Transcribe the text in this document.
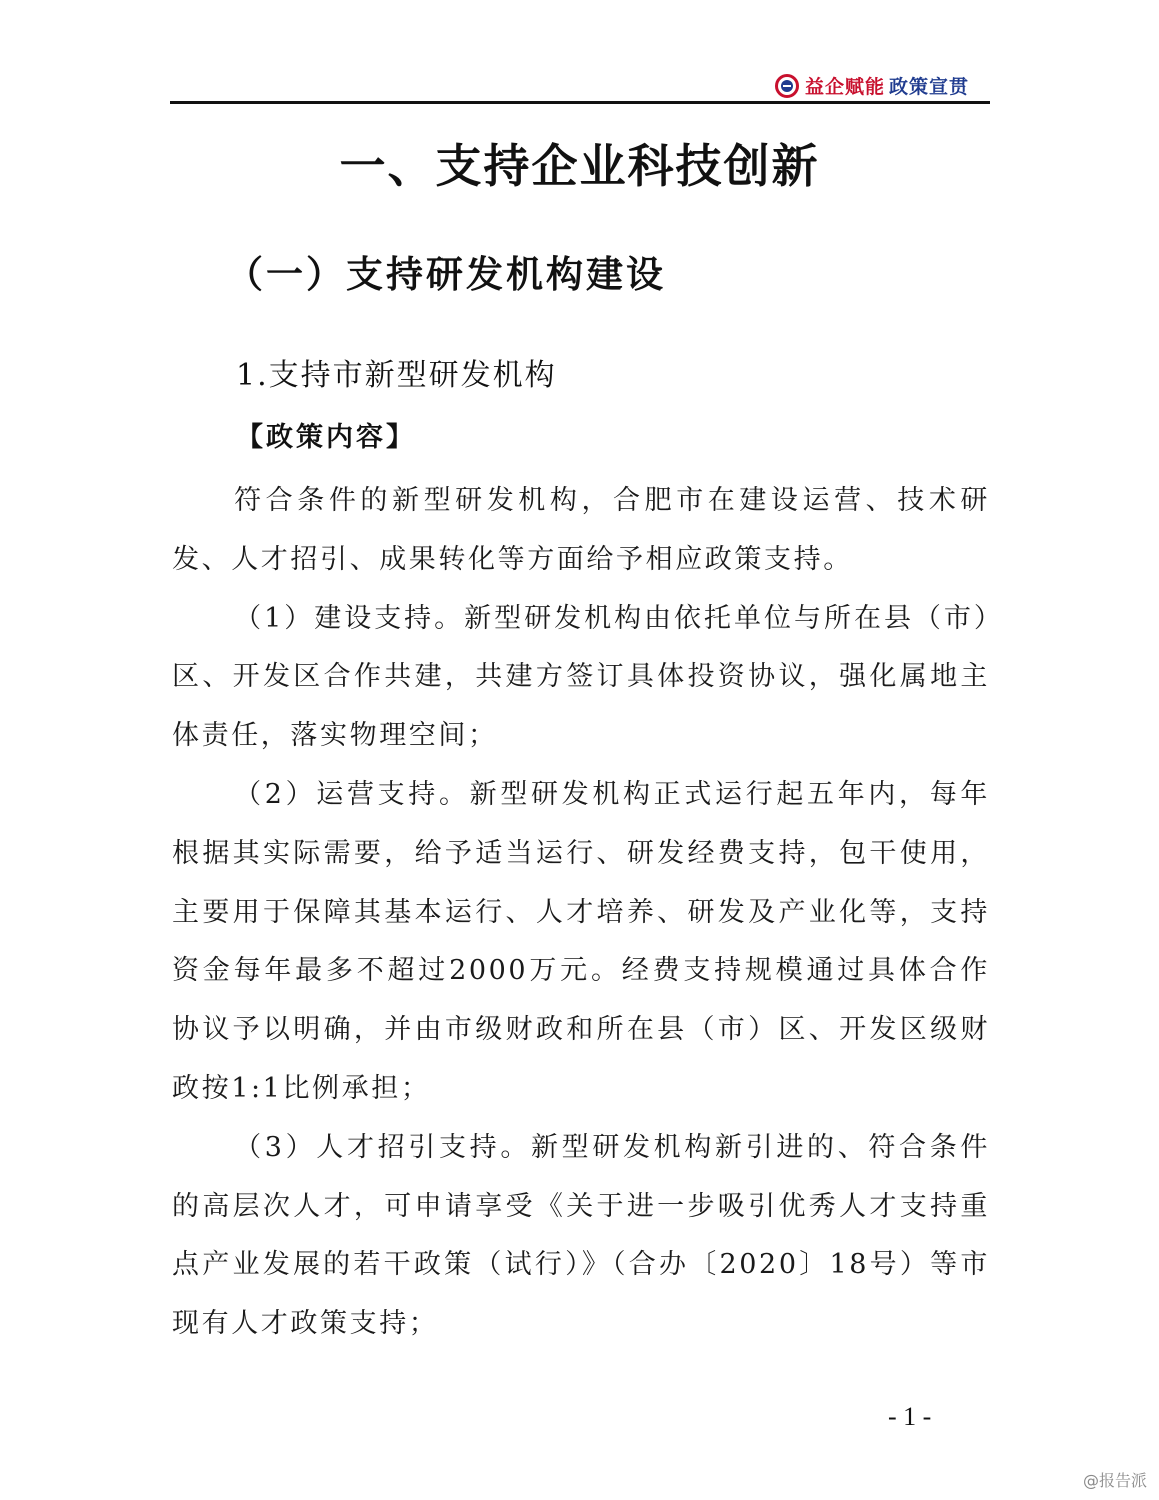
益企赋能 政策宣贯
一、支持企业科技创新
（一）支持研发机构建设
1.支持市新型研发机构
【政策内容】

符合条件的新型研发机构，合肥市在建设运营、技术研发、人才招引、成果转化等方面给予相应政策支持。

（1）建设支持。新型研发机构由依托单位与所在县（市）区、开发区合作共建，共建方签订具体投资协议，强化属地主体责任，落实物理空间；

（2）运营支持。新型研发机构正式运行起五年内，每年根据其实际需要，给予适当运行、研发经费支持，包干使用，主要用于保障其基本运行、人才培养、研发及产业化等，支持资金每年最多不超过2000万元。经费支持规模通过具体合作协议予以明确，并由市级财政和所在县（市）区、开发区级财政按1:1比例承担；

（3）人才招引支持。新型研发机构新引进的、符合条件的高层次人才，可申请享受《关于进一步吸引优秀人才支持重点产业发展的若干政策（试行）》（合办〔2020〕18号）等市现有人才政策支持；

- 1 -
@报告派
